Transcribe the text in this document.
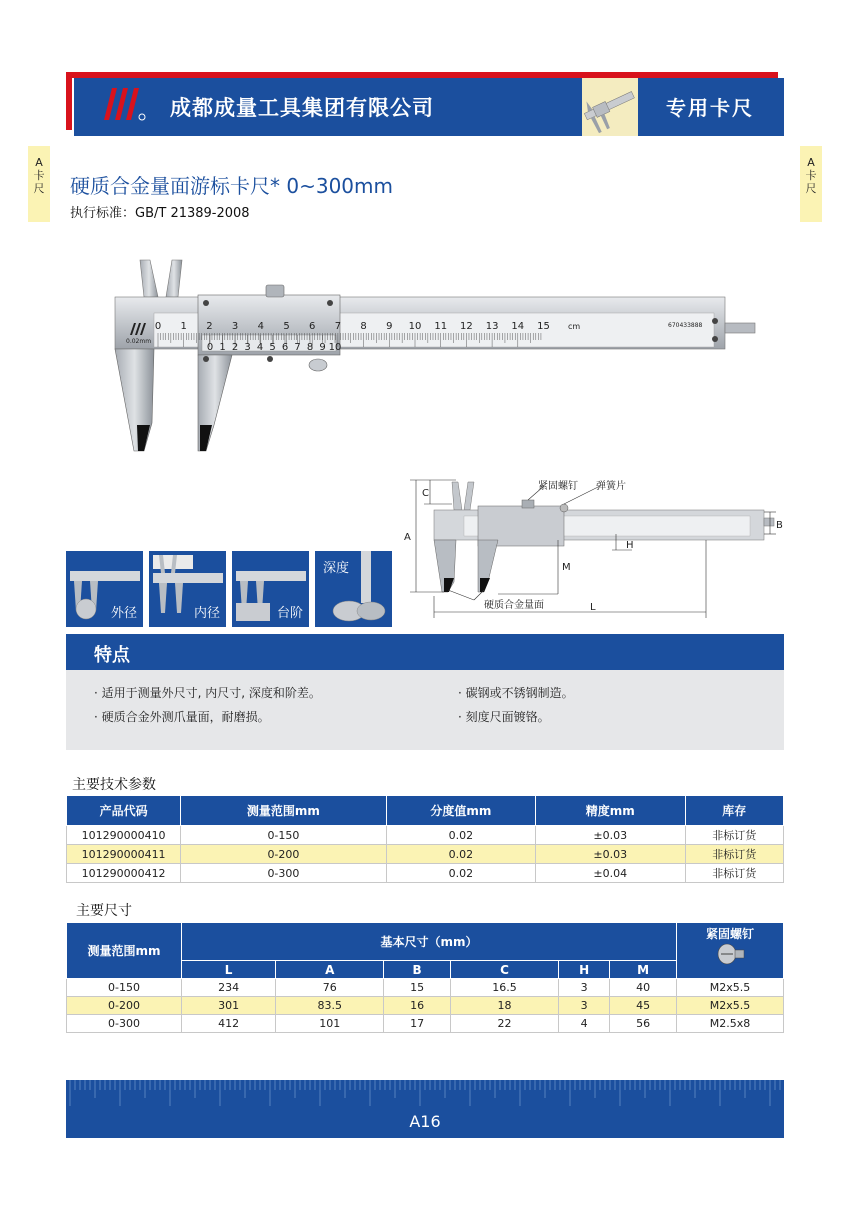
成都成量工具集团有限公司	专用卡尺
A卡尺
A卡尺
硬质合金量面游标卡尺* 0~300mm
执行标准：GB/T 21389-2008
0.02mm
670433888
cm
0 1 2 3 4 5 6 7 8 9 10 11 12 13 14 15
0 1 2 3 4 5 6 7 8 9 10
A
C
B
H
M
L
紧固螺钉 弹簧片
硬质合金量面
外径	内径	台阶
深度
特点
· 适用于测量外尺寸, 内尺寸, 深度和阶差。	· 碳钢或不锈钢制造。
· 硬质合金外测爪量面，耐磨损。	· 刻度尺面镀铬。
主要技术参数
产品代码	测量范围mm	分度值mm	精度mm	库存
101290000410	0-150	0.02	±0.03	非标订货
101290000411	0-200	0.02	±0.03	非标订货
101290000412	0-300	0.02	±0.04	非标订货
主要尺寸
测量范围mm	基本尺寸（mm）						紧固螺钉

	L	A	B	C	H	M	
0-150	234	76	15	16.5	3	40	M2x5.5
0-200	301	83.5	16	18	3	45	M2x5.5
0-300	412	101	17	22	4	56	M2.5x8
A16
